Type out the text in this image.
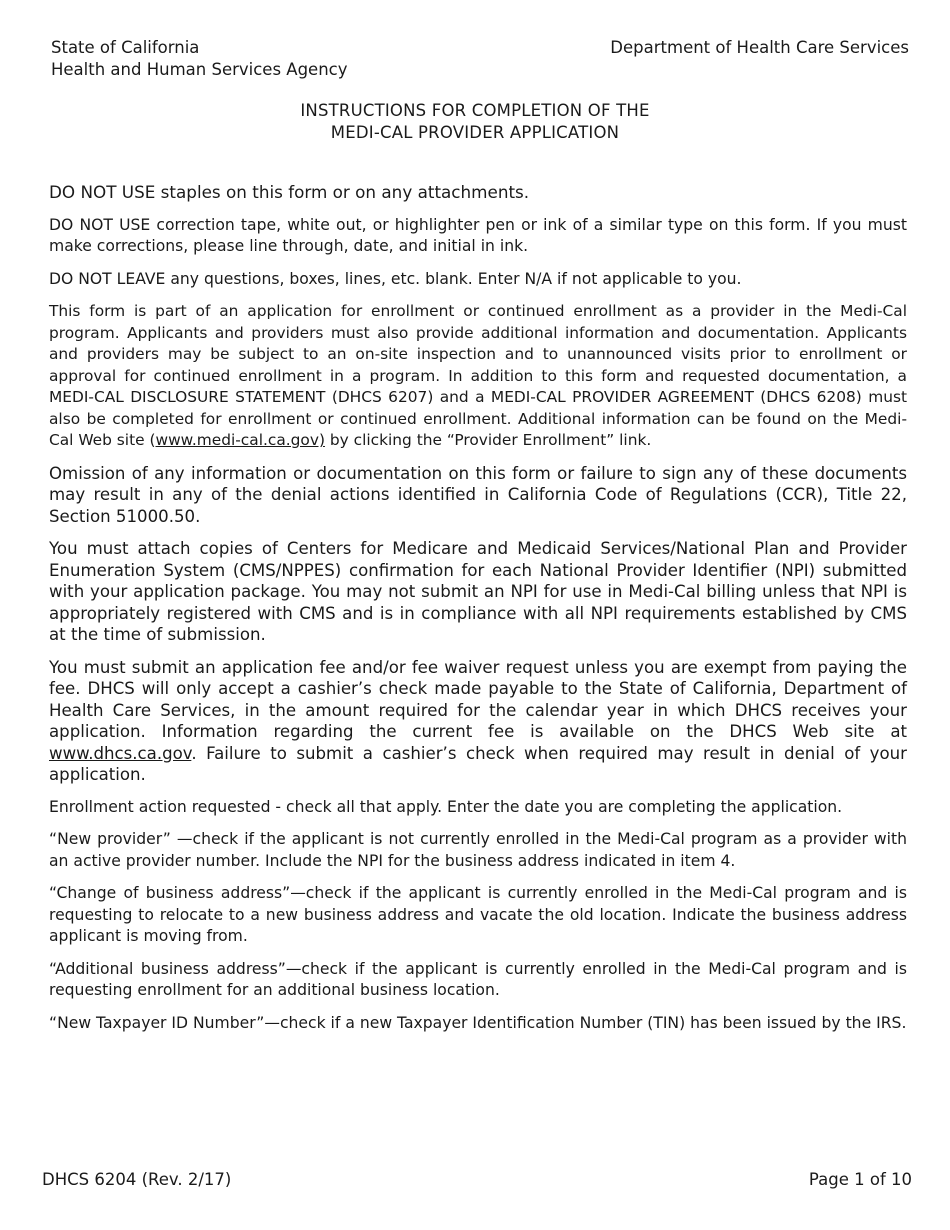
State of California
Health and Human Services Agency
Department of Health Care Services
INSTRUCTIONS FOR COMPLETION OF THE
MEDI-CAL PROVIDER APPLICATION

DO NOT USE staples on this form or on any attachments.

DO NOT USE correction tape, white out, or highlighter pen or ink of a similar type on this form. If you must make corrections, please line through, date, and initial in ink.

DO NOT LEAVE any questions, boxes, lines, etc. blank. Enter N/A if not applicable to you.

This form is part of an application for enrollment or continued enrollment as a provider in the Medi-Cal program. Applicants and providers must also provide additional information and documentation. Applicants and providers may be subject to an on-site inspection and to unannounced visits prior to enrollment or approval for continued enrollment in a program. In addition to this form and requested documentation, a MEDI-CAL DISCLOSURE STATEMENT (DHCS 6207) and a MEDI-CAL PROVIDER AGREEMENT (DHCS 6208) must also be completed for enrollment or continued enrollment. Additional information can be found on the Medi-Cal Web site (www.medi-cal.ca.gov) by clicking the “Provider Enrollment” link.

Omission of any information or documentation on this form or failure to sign any of these documents may result in any of the denial actions identified in California Code of Regulations (CCR), Title 22, Section 51000.50.

You must attach copies of Centers for Medicare and Medicaid Services/National Plan and Provider Enumeration System (CMS/NPPES) confirmation for each National Provider Identifier (NPI) submitted with your application package. You may not submit an NPI for use in Medi-Cal billing unless that NPI is appropriately registered with CMS and is in compliance with all NPI requirements established by CMS at the time of submission.

You must submit an application fee and/or fee waiver request unless you are exempt from paying the fee. DHCS will only accept a cashier’s check made payable to the State of California, Department of Health Care Services, in the amount required for the calendar year in which DHCS receives your application. Information regarding the current fee is available on the DHCS Web site at www.dhcs.ca.gov. Failure to submit a cashier’s check when required may result in denial of your application.

Enrollment action requested - check all that apply. Enter the date you are completing the application.

“New provider” —check if the applicant is not currently enrolled in the Medi-Cal program as a provider with an active provider number. Include the NPI for the business address indicated in item 4.

“Change of business address”—check if the applicant is currently enrolled in the Medi-Cal program and is requesting to relocate to a new business address and vacate the old location. Indicate the business address applicant is moving from.

“Additional business address”—check if the applicant is currently enrolled in the Medi-Cal program and is requesting enrollment for an additional business location.

“New Taxpayer ID Number”—check if a new Taxpayer Identification Number (TIN) has been issued by the IRS.

DHCS 6204 (Rev. 2/17)	Page 1 of 10
